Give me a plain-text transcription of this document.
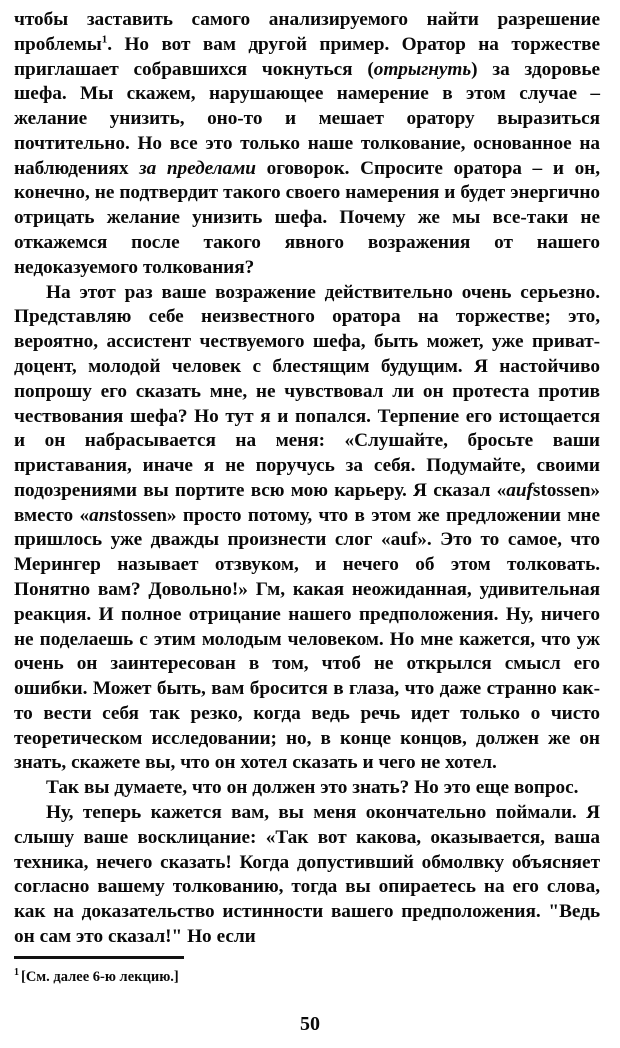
чтобы заставить самого анализируемого найти разрешение проблемы$^1$. Но вот вам другой пример. Оратор на торжестве приглашает собравшихся чокнуться (отрыгнуть) за здоровье шефа. Мы скажем, нарушающее намерение в этом случае – желание унизить, оно-то и мешает оратору выразиться почтительно. Но все это только наше толкование, основанное на наблюдениях за пределами оговорок. Спросите оратора – и он, конечно, не подтвердит такого своего намерения и будет энергично отрицать желание унизить шефа. Почему же мы все-таки не откажемся после такого явного возражения от нашего недоказуемого толкования?

На этот раз ваше возражение действительно очень серьезно. Представляю себе неизвестного оратора на торжестве; это, вероятно, ассистент чествуемого шефа, быть может, уже приват-доцент, молодой человек с блестящим будущим. Я настойчиво попрошу его сказать мне, не чувствовал ли он протеста против чествования шефа? Но тут я и попался. Терпение его истощается и он набрасывается на меня: «Слушайте, бросьте ваши приставания, иначе я не поручусь за себя. Подумайте, своими подозрениями вы портите всю мою карьеру. Я сказал «aufstossen» вместо «anstossen» просто потому, что в этом же предложении мне пришлось уже дважды произнести слог «auf». Это то самое, что Мерингер называет отзвуком, и нечего об этом толковать. Понятно вам? Довольно!» Гм, какая неожиданная, удивительная реакция. И полное отрицание нашего предположения. Ну, ничего не поделаешь с этим молодым человеком. Но мне кажется, что уж очень он заинтересован в том, чтоб не открылся смысл его ошибки. Может быть, вам бросится в глаза, что даже странно как-то вести себя так резко, когда ведь речь идет только о чисто теоретическом исследовании; но, в конце концов, должен же он знать, скажете вы, что он хотел сказать и чего не хотел.

Так вы думаете, что он должен это знать? Но это еще вопрос.

Ну, теперь кажется вам, вы меня окончательно поймали. Я слышу ваше восклицание: «Так вот какова, оказывается, ваша техника, нечего сказать! Когда допустивший обмолвку объясняет согласно вашему толкованию, тогда вы опираетесь на его слова, как на доказательство истинности вашего предположения. "Ведь он сам это сказал!" Но если

$^1$ [См. далее 6-ю лекцию.]
50
